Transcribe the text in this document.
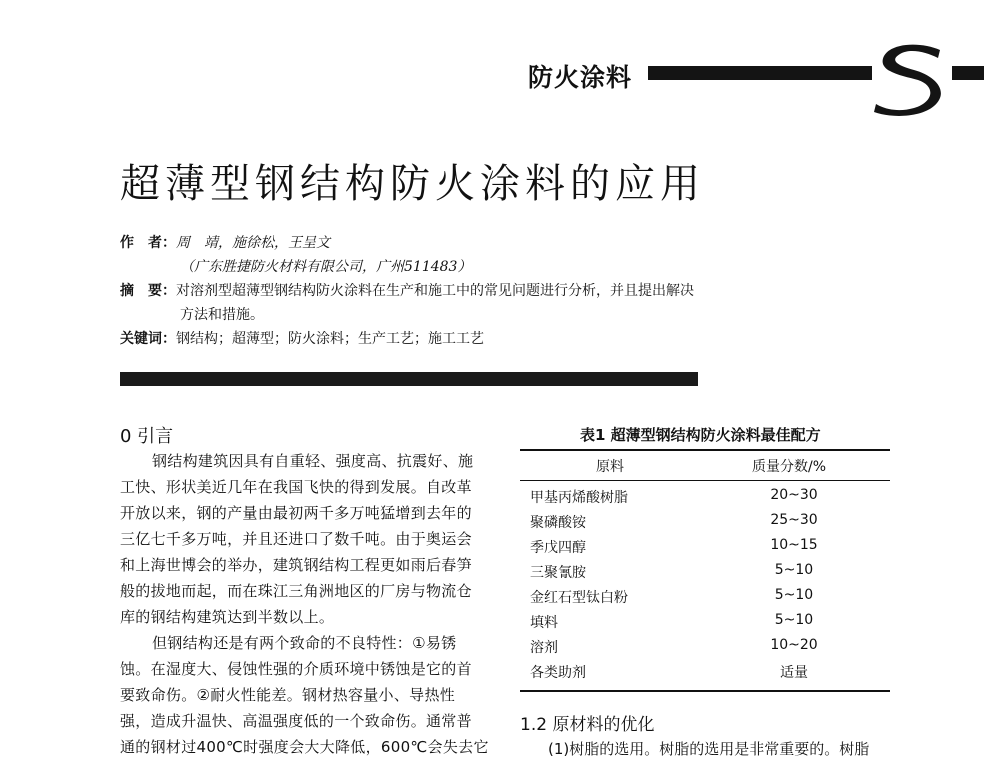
防火涂料
超薄型钢结构防火涂料的应用
作　者：周　靖，施徐松，王呈文
（广东胜捷防火材料有限公司，广州511483）
摘　要：对溶剂型超薄型钢结构防火涂料在生产和施工中的常见问题进行分析，并且提出解决
方法和措施。
关键词：钢结构；超薄型；防火涂料；生产工艺；施工工艺
0 引言
钢结构建筑因具有自重轻、强度高、抗震好、施
工快、形状美近几年在我国飞快的得到发展。自改革
开放以来，钢的产量由最初两千多万吨猛增到去年的
三亿七千多万吨，并且还进口了数千吨。由于奥运会
和上海世博会的举办，建筑钢结构工程更如雨后春笋
般的拔地而起，而在珠江三角洲地区的厂房与物流仓
库的钢结构建筑达到半数以上。
但钢结构还是有两个致命的不良特性：①易锈
蚀。在湿度大、侵蚀性强的介质环境中锈蚀是它的首
要致命伤。②耐火性能差。钢材热容量小、导热性
强，造成升温快、高温强度低的一个致命伤。通常普
通的钢材过400℃时强度会大大降低，600℃会失去它
表1 超薄型钢结构防火涂料最佳配方
原料	质量分数/%
甲基丙烯酸树脂	20~30
聚磷酸铵	25~30
季戊四醇	10~15
三聚氰胺	5~10
金红石型钛白粉	5~10
填料	5~10
溶剂	10~20
各类助剂	适量
1.2 原材料的优化
(1)树脂的选用。树脂的选用是非常重要的。树脂
